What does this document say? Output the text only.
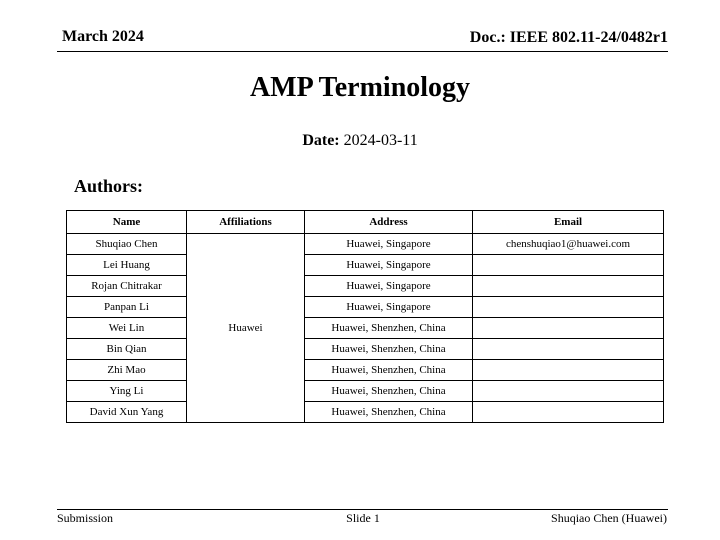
March 2024	Doc.: IEEE 802.11-24/0482r1
AMP Terminology
Date: 2024-03-11
Authors:
Name	Affiliations	Address	Email
Shuqiao Chen	Huawei	Huawei, Singapore	chenshuqiao1@huawei.com
Lei Huang		Huawei, Singapore	
Rojan Chitrakar		Huawei, Singapore	
Panpan Li		Huawei, Singapore	
Wei Lin		Huawei, Shenzhen, China	
Bin Qian		Huawei, Shenzhen, China	
Zhi Mao		Huawei, Shenzhen, China	
Ying Li		Huawei, Shenzhen, China	
David Xun Yang		Huawei, Shenzhen, China	
Submission	Slide 1	Shuqiao Chen (Huawei)
